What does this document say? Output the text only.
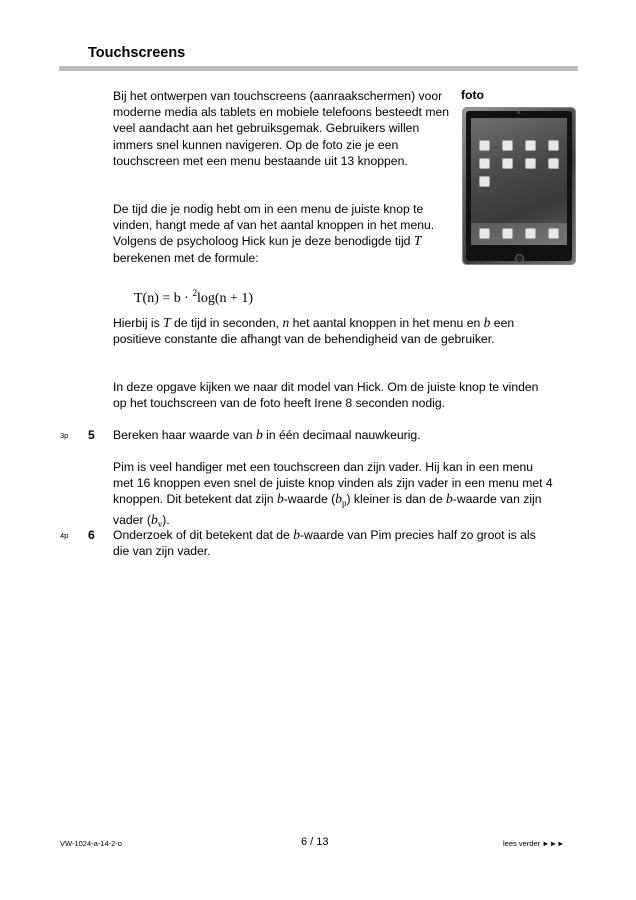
Touchscreens

Bij het ontwerpen van touchscreens (aanraakschermen) voor moderne media als tablets en mobiele telefoons besteedt men veel aandacht aan het gebruiksgemak. Gebruikers willen immers snel kunnen navigeren. Op de foto zie je een touchscreen met een menu bestaande uit 13 knoppen.

foto

De tijd die je nodig hebt om in een menu de juiste knop te vinden, hangt mede af van het aantal knoppen in het menu.

Volgens de psycholoog Hick kun je deze benodigde tijd T berekenen met de formule:

T(n) = b · $^2$log(n + 1)

Hierbij is T de tijd in seconden, n het aantal knoppen in het menu en b een positieve constante die afhangt van de behendigheid van de gebruiker.

In deze opgave kijken we naar dit model van Hick. Om de juiste knop te vinden op het touchscreen van de foto heeft Irene 8 seconden nodig.

3p 5 Bereken haar waarde van b in één decimaal nauwkeurig.

Pim is veel handiger met een touchscreen dan zijn vader. Hij kan in een menu met 16 knoppen even snel de juiste knop vinden als zijn vader in een menu met 4 knoppen. Dit betekent dat zijn b-waarde $(b_p)$ kleiner is dan de b-waarde van zijn vader $(b_v)$.

4p 6 Onderzoek of dit betekent dat de b-waarde van Pim precies half zo groot is als die van zijn vader.
VW-1024-a-14-2-o	6 / 13	lees verder ►►►
